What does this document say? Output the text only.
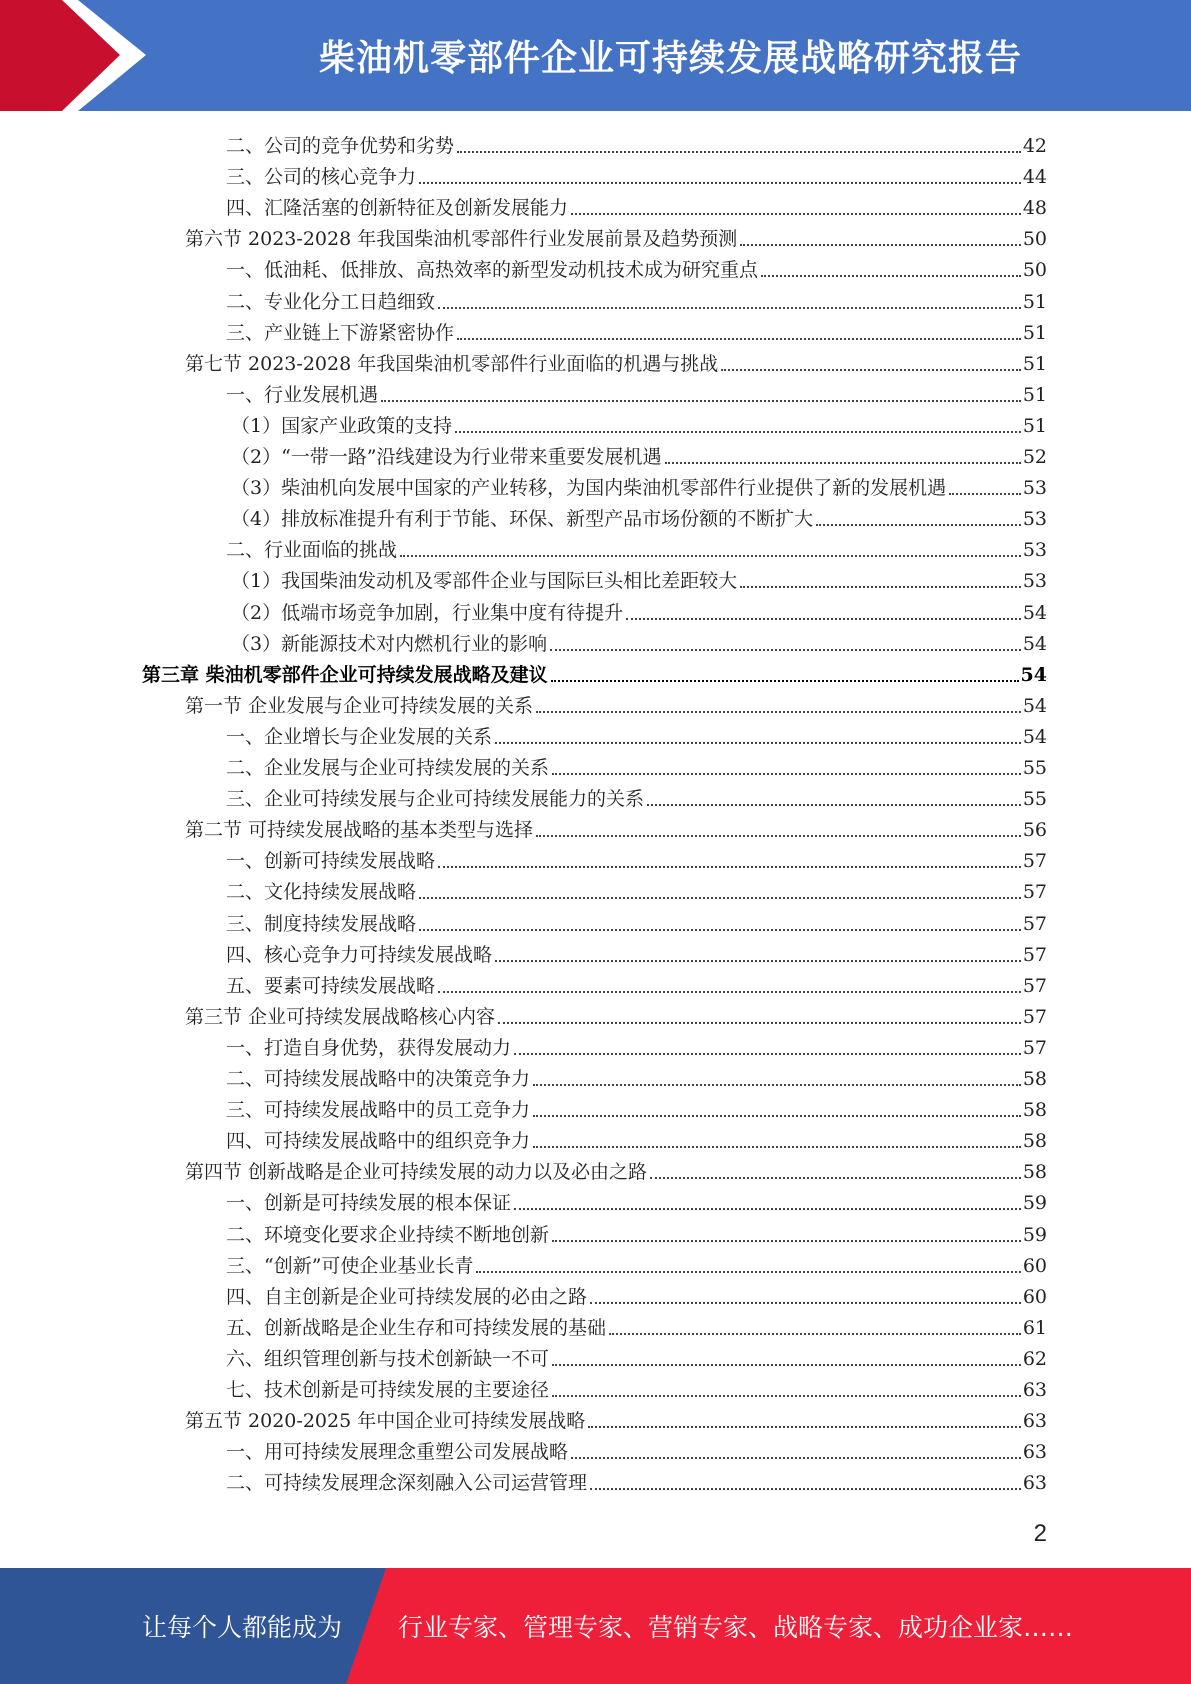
柴油机零部件企业可持续发展战略研究报告
二、公司的竞争优势和劣势	42
三、公司的核心竞争力	44
四、汇隆活塞的创新特征及创新发展能力	48
第六节 2023-2028 年我国柴油机零部件行业发展前景及趋势预测	50
一、低油耗、低排放、高热效率的新型发动机技术成为研究重点	50
二、专业化分工日趋细致	51
三、产业链上下游紧密协作	51
第七节 2023-2028 年我国柴油机零部件行业面临的机遇与挑战	51
一、行业发展机遇	51
（1）国家产业政策的支持	51
（2）“一带一路”沿线建设为行业带来重要发展机遇	52
（3）柴油机向发展中国家的产业转移，为国内柴油机零部件行业提供了新的发展机遇	53
（4）排放标准提升有利于节能、环保、新型产品市场份额的不断扩大	53
二、行业面临的挑战	53
（1）我国柴油发动机及零部件企业与国际巨头相比差距较大	53
（2）低端市场竞争加剧，行业集中度有待提升	54
（3）新能源技术对内燃机行业的影响	54
第三章 柴油机零部件企业可持续发展战略及建议	54
第一节 企业发展与企业可持续发展的关系	54
一、企业增长与企业发展的关系	54
二、企业发展与企业可持续发展的关系	55
三、企业可持续发展与企业可持续发展能力的关系	55
第二节 可持续发展战略的基本类型与选择	56
一、创新可持续发展战略	57
二、文化持续发展战略	57
三、制度持续发展战略	57
四、核心竞争力可持续发展战略	57
五、要素可持续发展战略	57
第三节 企业可持续发展战略核心内容	57
一、打造自身优势，获得发展动力	57
二、可持续发展战略中的决策竞争力	58
三、可持续发展战略中的员工竞争力	58
四、可持续发展战略中的组织竞争力	58
第四节 创新战略是企业可持续发展的动力以及必由之路	58
一、创新是可持续发展的根本保证	59
二、环境变化要求企业持续不断地创新	59
三、“创新”可使企业基业长青	60
四、自主创新是企业可持续发展的必由之路	60
五、创新战略是企业生存和可持续发展的基础	61
六、组织管理创新与技术创新缺一不可	62
七、技术创新是可持续发展的主要途径	63
第五节 2020-2025 年中国企业可持续发展战略	63
一、用可持续发展理念重塑公司发展战略	63
二、可持续发展理念深刻融入公司运营管理	63
2
让每个人都能成为 行业专家、管理专家、营销专家、战略专家、成功企业家……
